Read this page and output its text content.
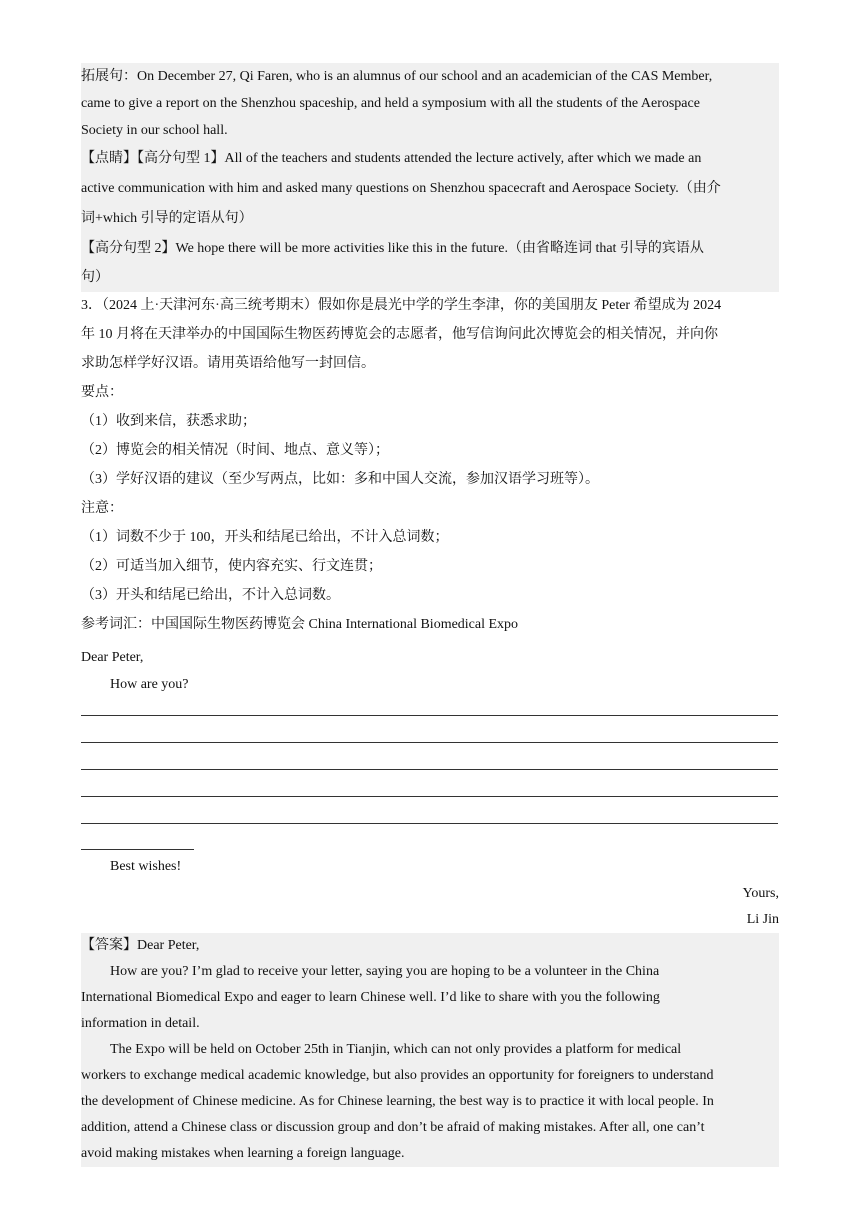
拓展句：On December 27, Qi Faren, who is an alumnus of our school and an academician of the CAS Member,
came to give a report on the Shenzhou spaceship, and held a symposium with all the students of the Aerospace
Society in our school hall.
【点睛】【高分句型 1】All of the teachers and students attended the lecture actively, after which we made an
active communication with him and asked many questions on Shenzhou spacecraft and Aerospace Society.（由介
词+which 引导的定语从句）
【高分句型 2】We hope there will be more activities like this in the future.（由省略连词 that 引导的宾语从
句）
3．（2024 上·天津河东·高三统考期末）假如你是晨光中学的学生李津，你的美国朋友 Peter 希望成为 2024
年 10 月将在天津举办的中国国际生物医药博览会的志愿者，他写信询问此次博览会的相关情况，并向你
求助怎样学好汉语。请用英语给他写一封回信。
要点：
（1）收到来信，获悉求助；
（2）博览会的相关情况（时间、地点、意义等）；
（3）学好汉语的建议（至少写两点，比如：多和中国人交流，参加汉语学习班等）。
注意：
（1）词数不少于 100，开头和结尾已给出，不计入总词数；
（2）可适当加入细节，使内容充实、行文连贯；
（3）开头和结尾已给出，不计入总词数。
参考词汇：中国国际生物医药博览会 China International Biomedical Expo
Dear Peter,
How are you?
Best wishes!
Yours,
Li Jin
【答案】Dear Peter,
How are you? I’m glad to receive your letter, saying you are hoping to be a volunteer in the China
International Biomedical Expo and eager to learn Chinese well. I’d like to share with you the following
information in detail.
The Expo will be held on October 25th in Tianjin, which can not only provides a platform for medical
workers to exchange medical academic knowledge, but also provides an opportunity for foreigners to understand
the development of Chinese medicine. As for Chinese learning, the best way is to practice it with local people. In
addition, attend a Chinese class or discussion group and don’t be afraid of making mistakes. After all, one can’t
avoid making mistakes when learning a foreign language.
